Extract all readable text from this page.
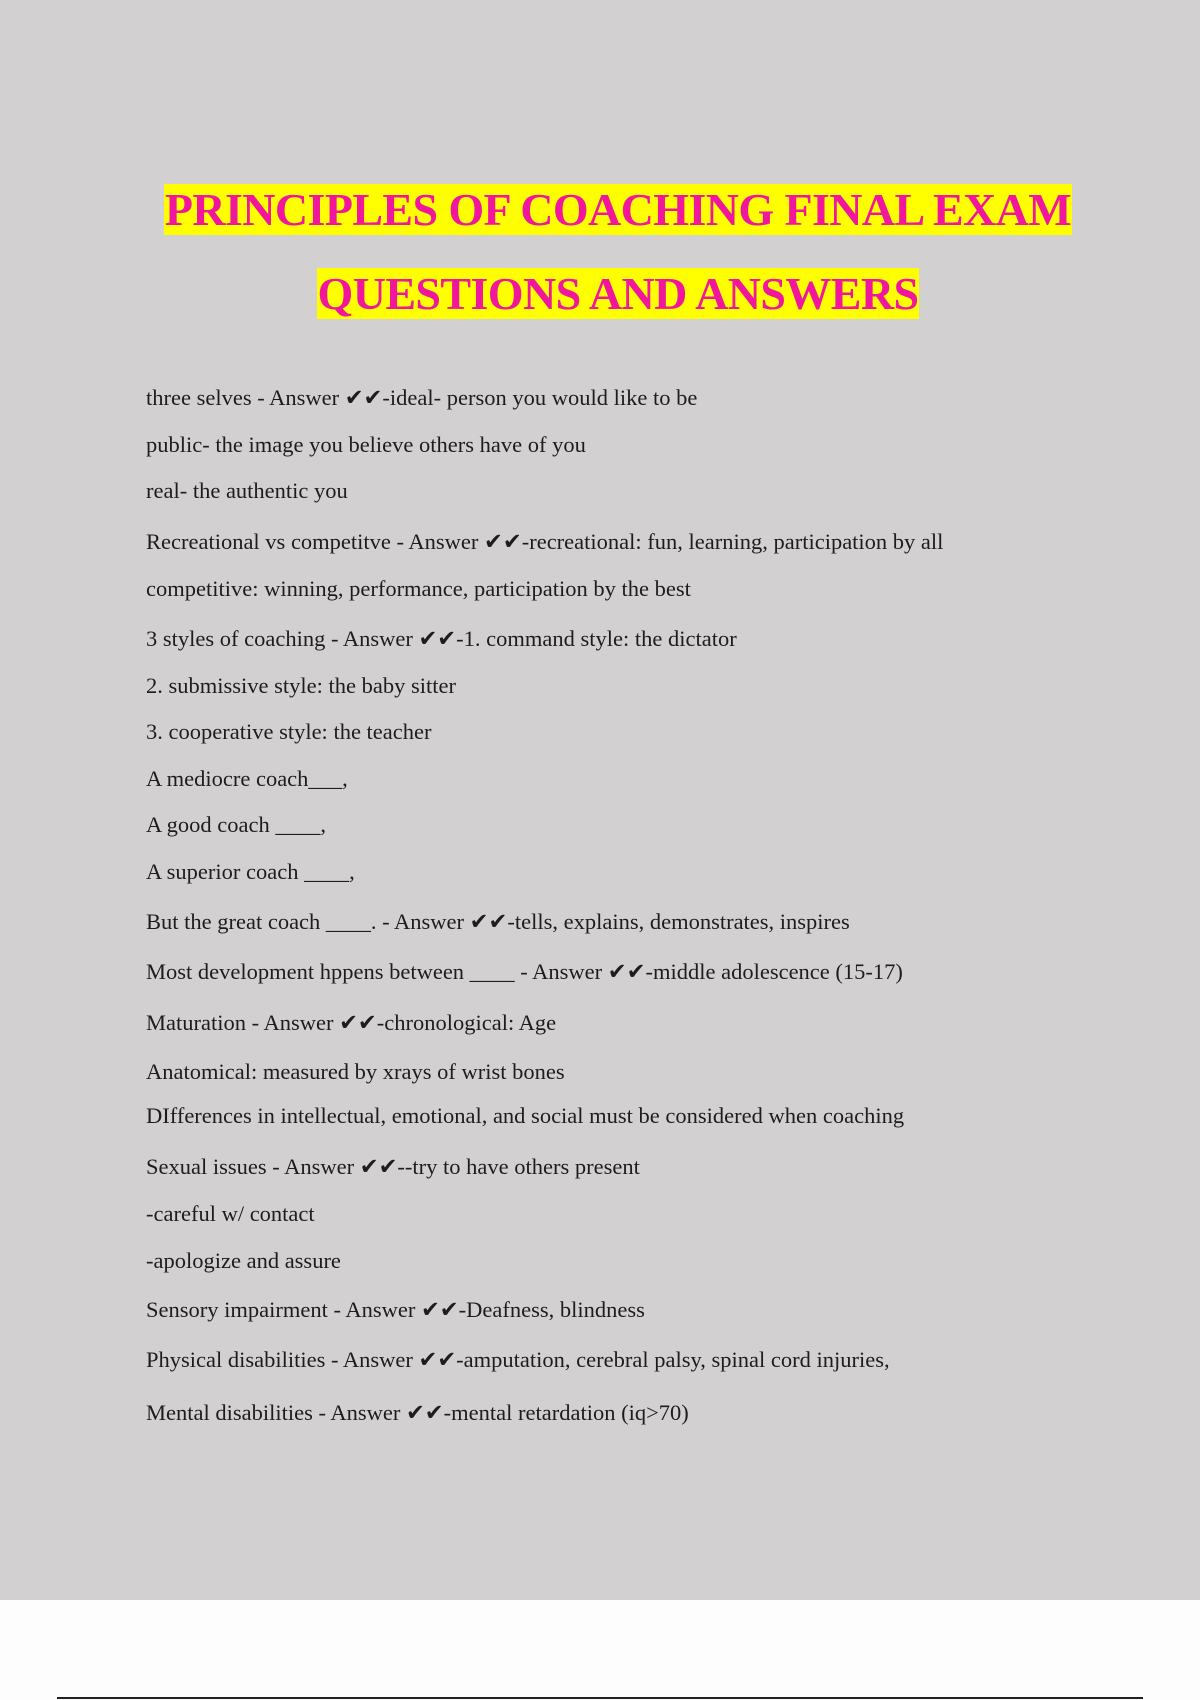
PRINCIPLES OF COACHING FINAL EXAM
QUESTIONS AND ANSWERS
three selves - Answer ✔✔-ideal- person you would like to be
public- the image you believe others have of you
real- the authentic you
Recreational vs competitve - Answer ✔✔-recreational: fun, learning, participation by all
competitive: winning, performance, participation by the best
3 styles of coaching - Answer ✔✔-1. command style: the dictator
2. submissive style: the baby sitter
3. cooperative style: the teacher
A mediocre coach___,
A good coach ____,
A superior coach ____,
But the great coach ____. - Answer ✔✔-tells, explains, demonstrates, inspires
Most development hppens between ____ - Answer ✔✔-middle adolescence (15-17)
Maturation - Answer ✔✔-chronological: Age
Anatomical: measured by xrays of wrist bones
DIfferences in intellectual, emotional, and social must be considered when coaching
Sexual issues - Answer ✔✔--try to have others present
-careful w/ contact
-apologize and assure
Sensory impairment - Answer ✔✔-Deafness, blindness
Physical disabilities - Answer ✔✔-amputation, cerebral palsy, spinal cord injuries,
Mental disabilities - Answer ✔✔-mental retardation (iq>70)
